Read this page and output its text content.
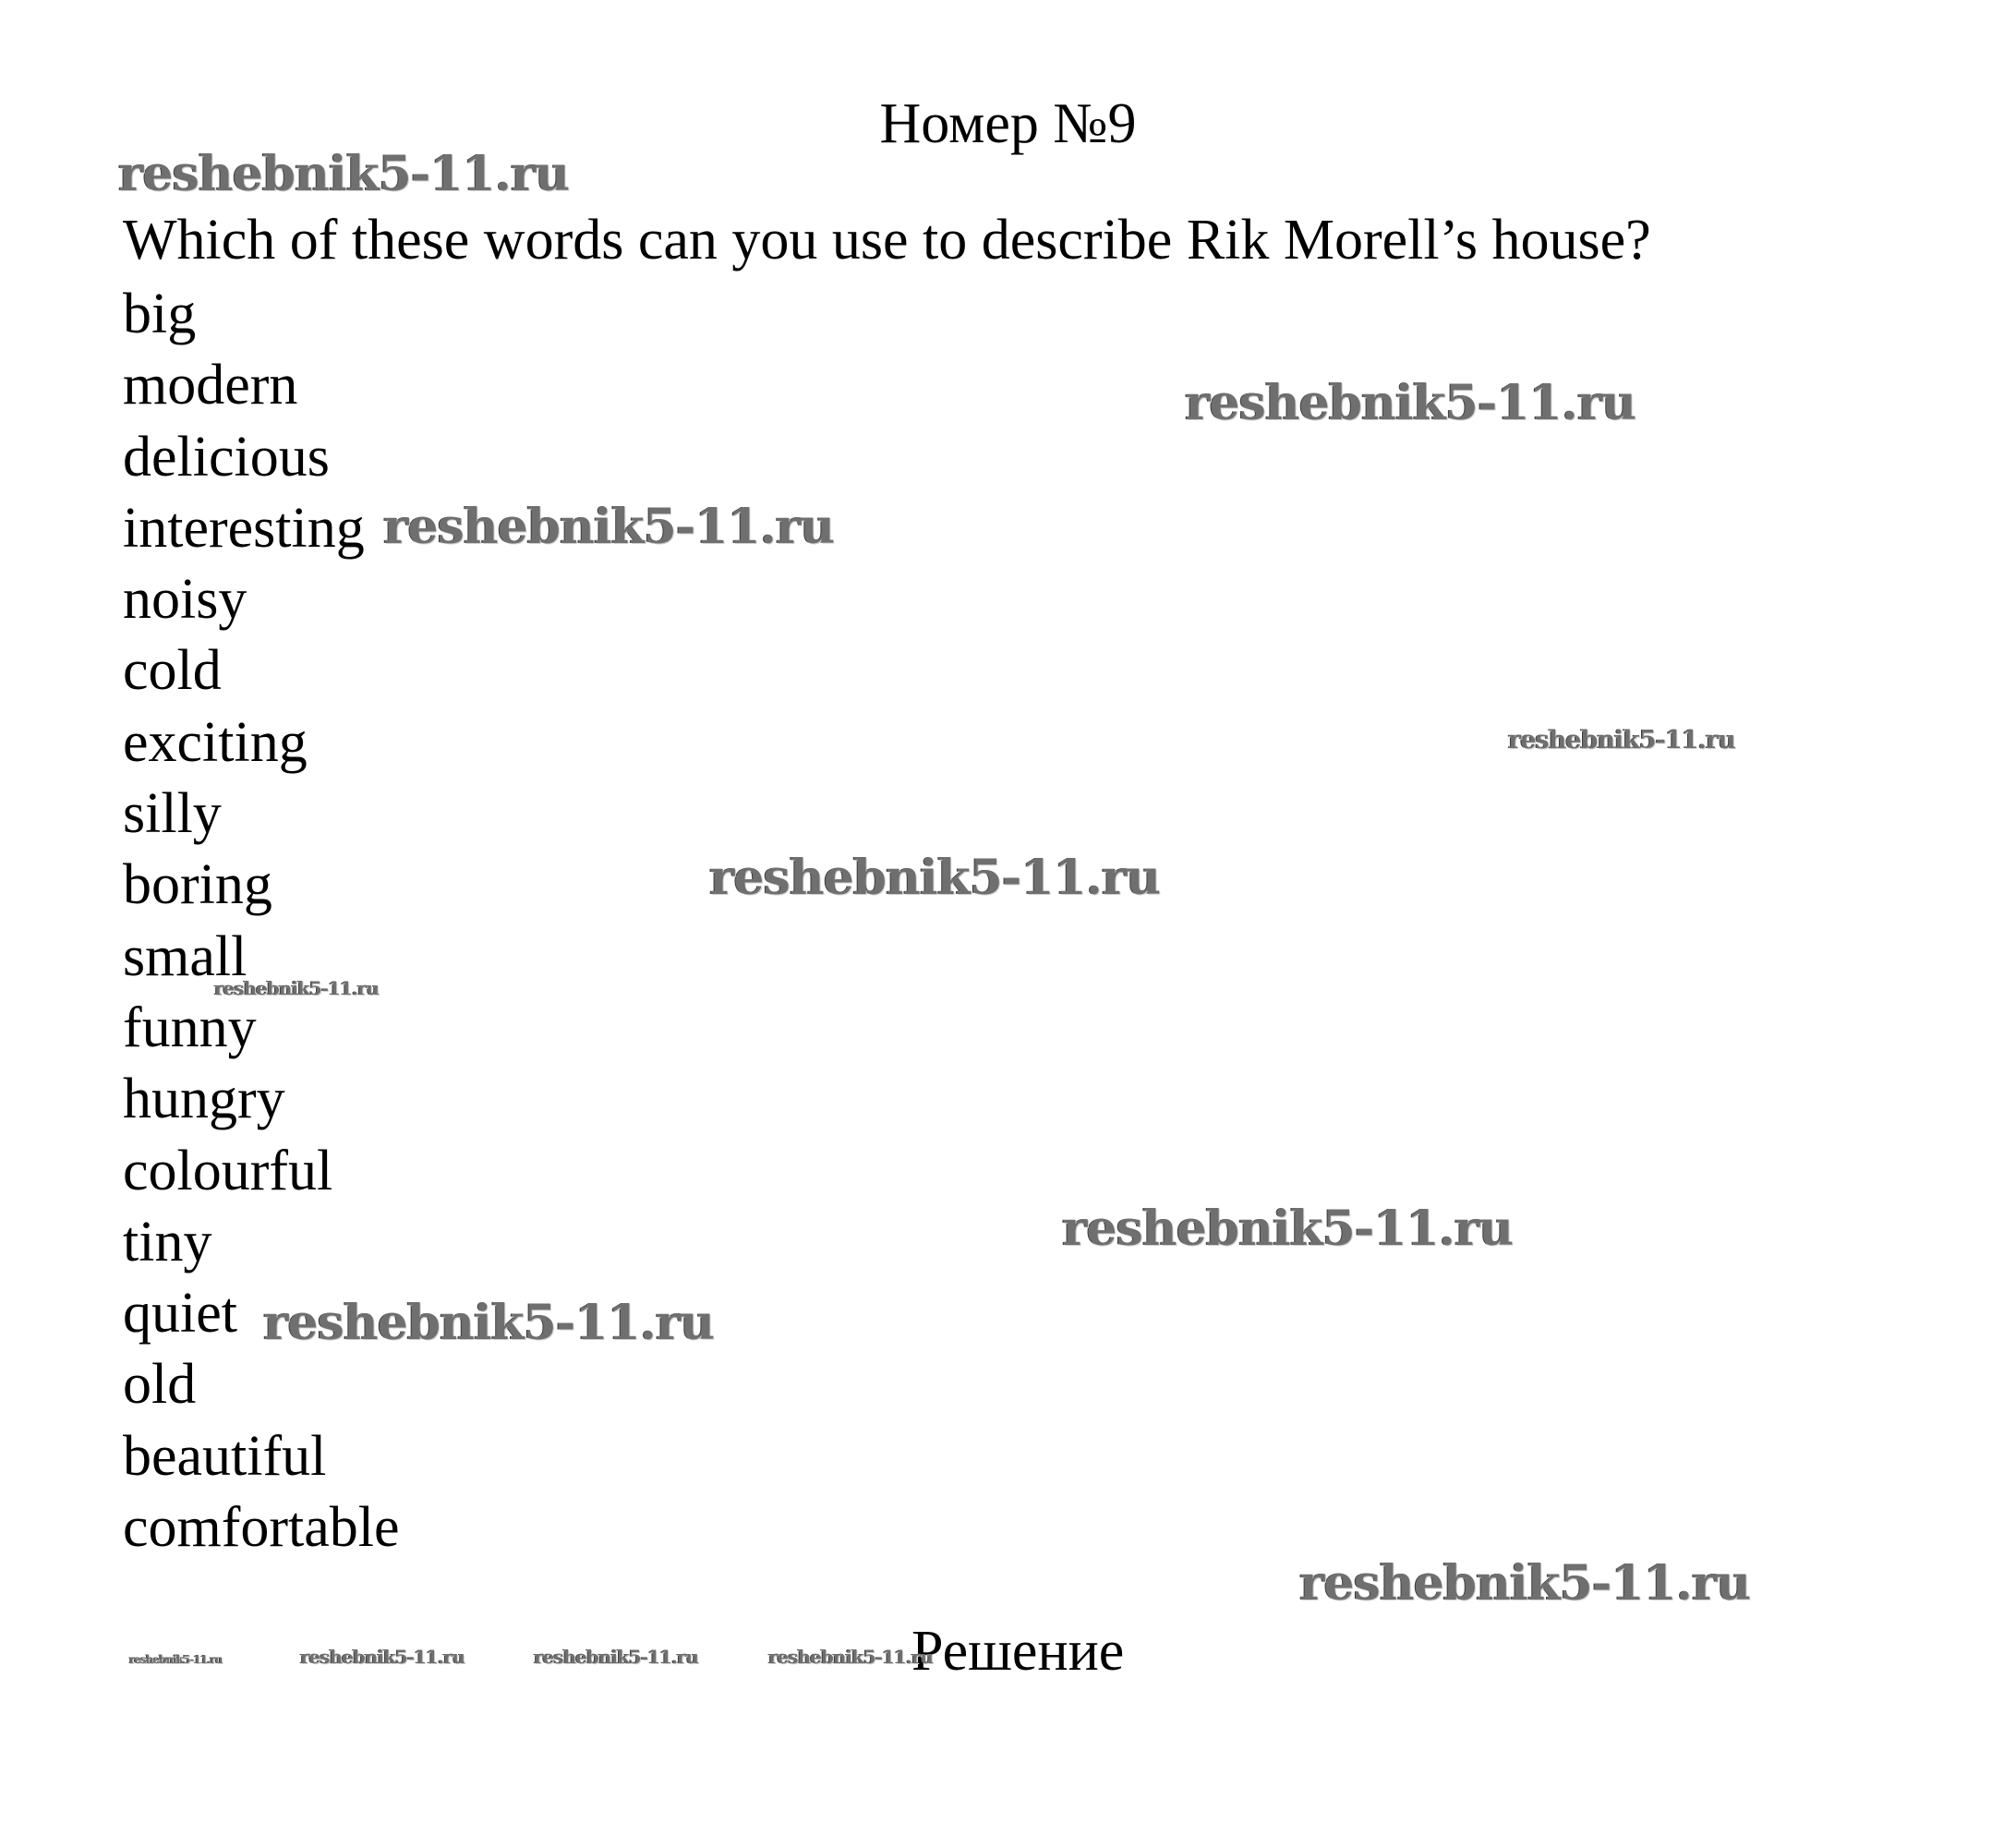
Номер №9

Which of these words can you use to describe Rik Morell’s house?

big
modern
delicious
interesting
noisy
cold
exciting
silly
boring
small
funny
hungry
colourful
tiny
quiet
old
beautiful
comfortable
Решение
reshebnik5-11.ru
reshebnik5-11.ru
reshebnik5-11.ru
reshebnik5-11.ru
reshebnik5-11.ru
reshebnik5-11.ru
reshebnik5-11.ru
reshebnik5-11.ru
reshebnik5-11.ru
reshebnik5-11.ru	reshebnik5-11.ru	reshebnik5-11.ru	reshebnik5-11.ru
